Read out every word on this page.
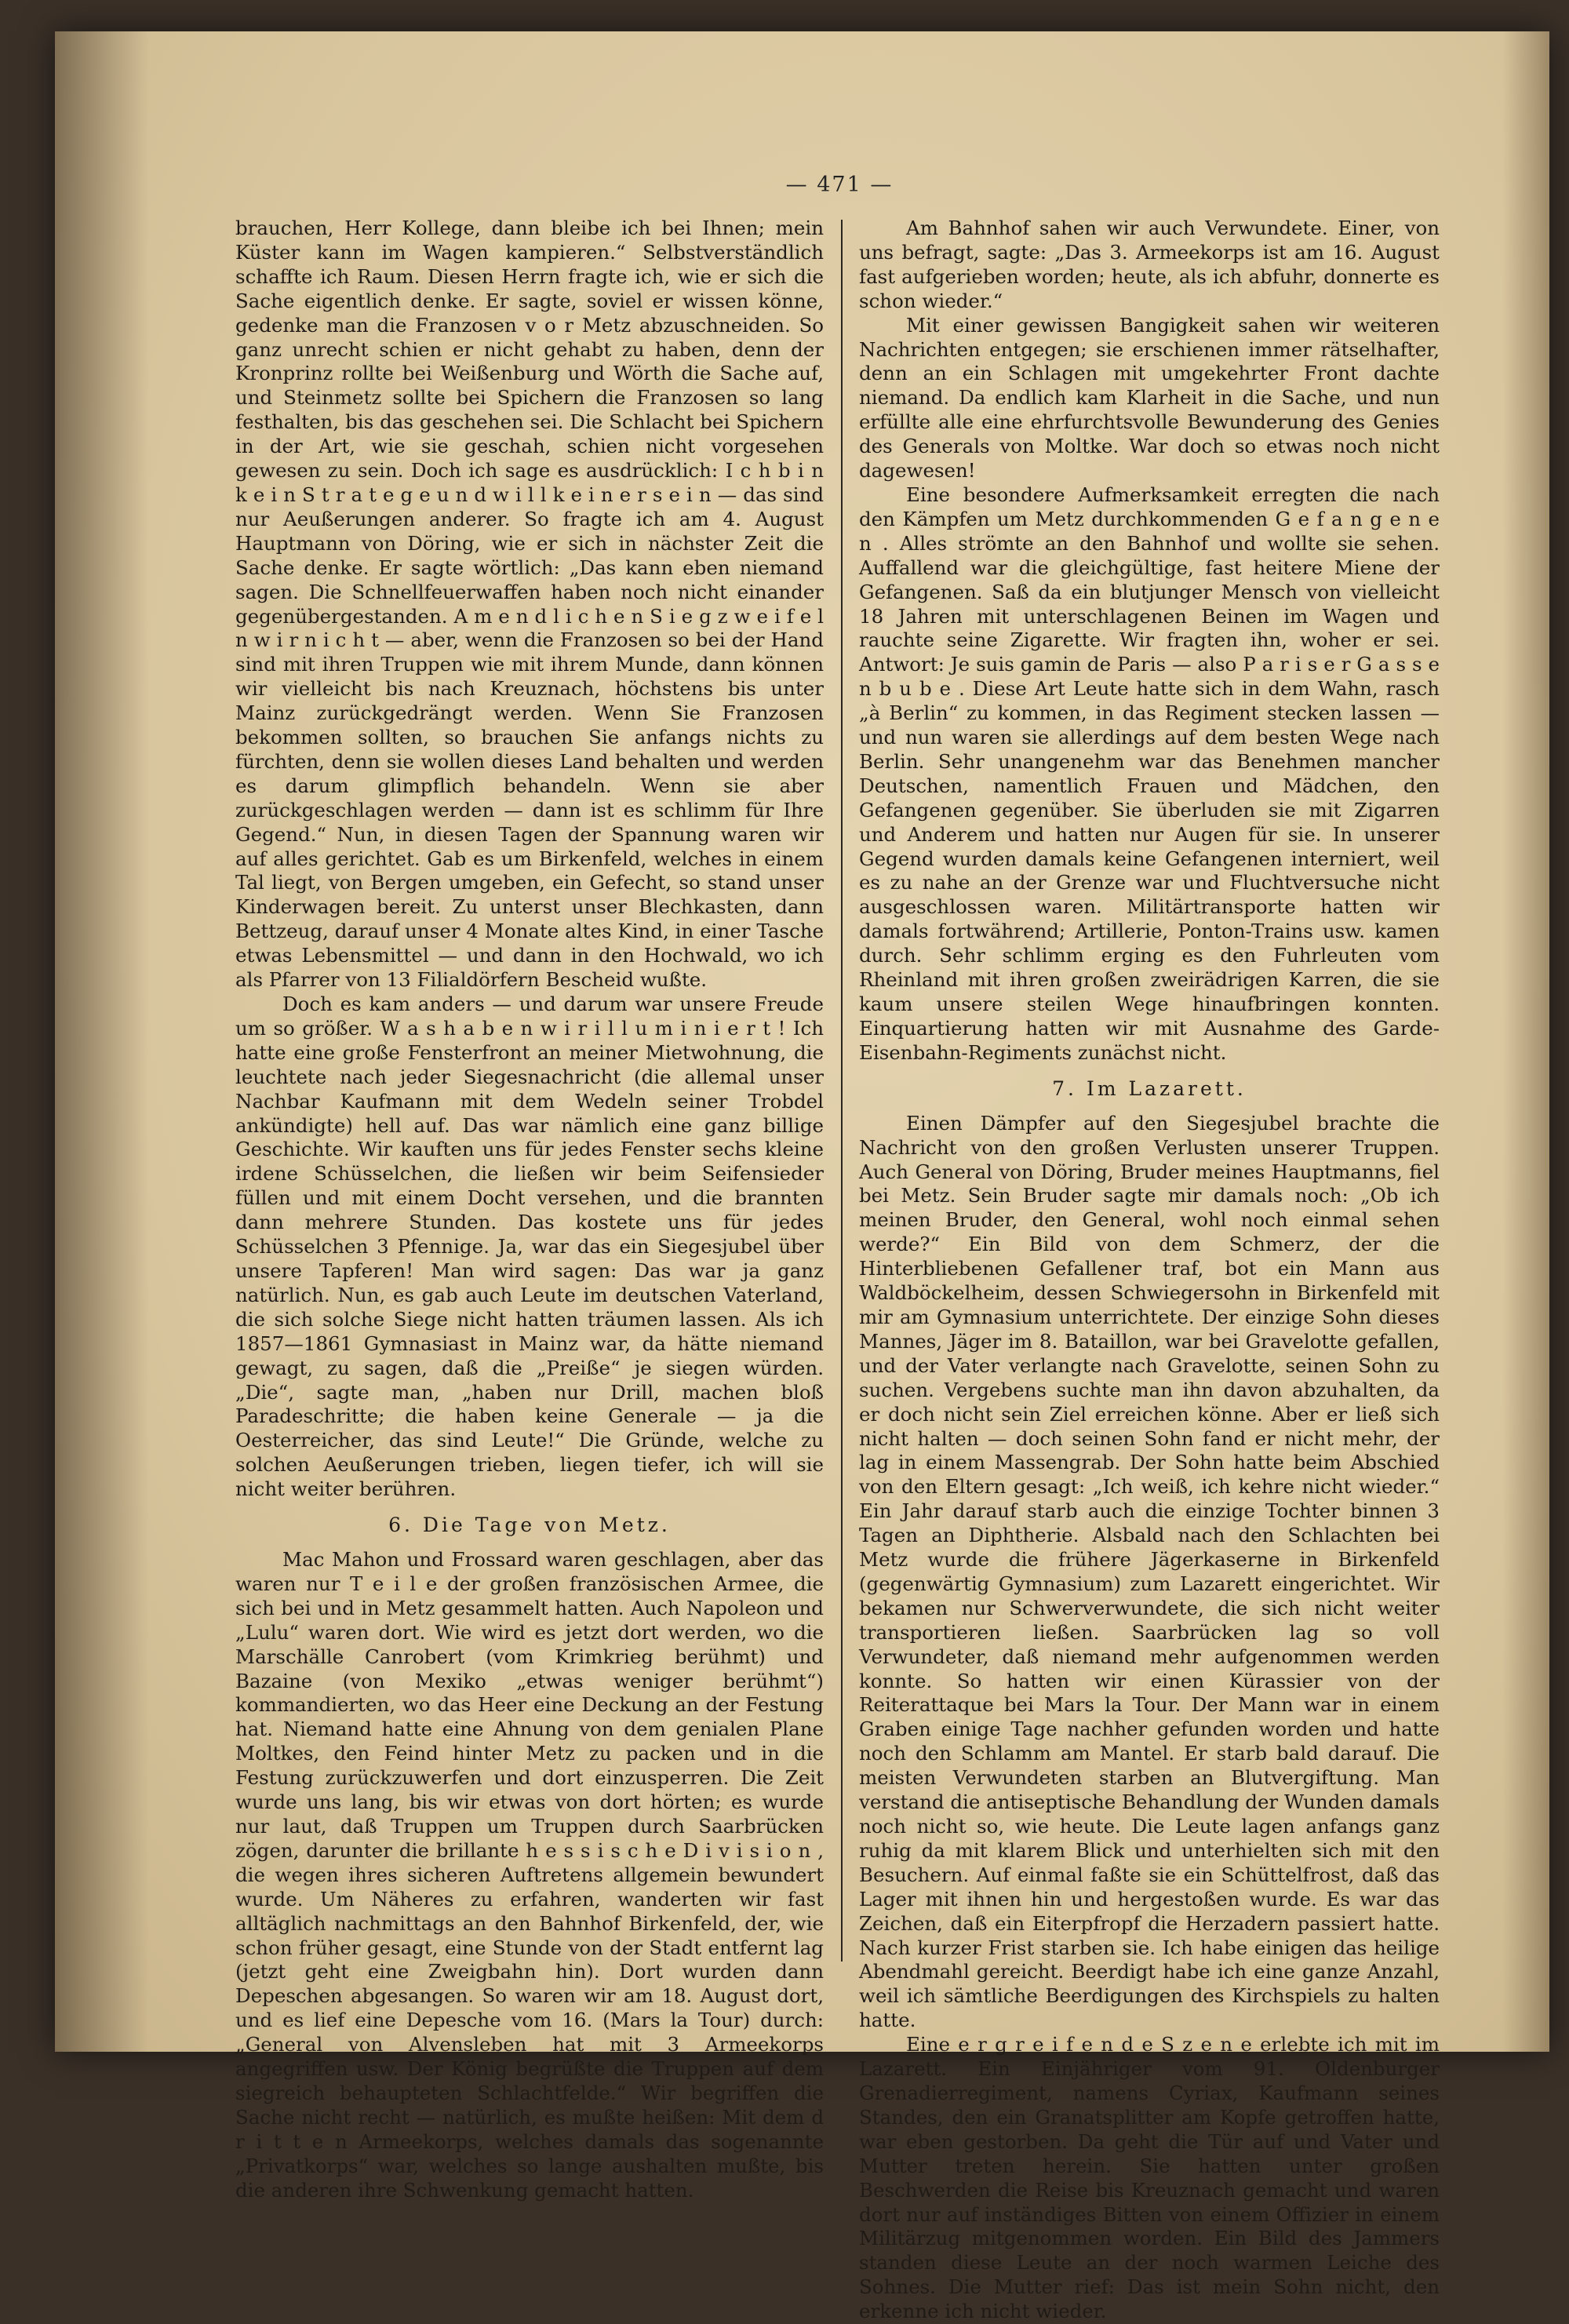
— 471 —

brauchen, Herr Kollege, dann bleibe ich bei Ihnen; mein Küster kann im Wagen kampieren.“ Selbstverständlich schaffte ich Raum. Diesen Herrn fragte ich, wie er sich die Sache eigentlich denke. Er sagte, soviel er wissen könne, gedenke man die Franzosen v o r Metz abzuschneiden. So ganz unrecht schien er nicht gehabt zu haben, denn der Kronprinz rollte bei Weißenburg und Wörth die Sache auf, und Steinmetz sollte bei Spichern die Franzosen so lang festhalten, bis das geschehen sei. Die Schlacht bei Spichern in der Art, wie sie geschah, schien nicht vorgesehen gewesen zu sein. Doch ich sage es ausdrücklich: I c h b i n k e i n S t r a t e g e u n d w i l l k e i n e r s e i n — das sind nur Aeußerungen anderer. So fragte ich am 4. August Hauptmann von Döring, wie er sich in nächster Zeit die Sache denke. Er sagte wörtlich: „Das kann eben niemand sagen. Die Schnellfeuerwaffen haben noch nicht einander gegenübergestanden. A m e n d l i c h e n S i e g z w e i f e l n w i r n i c h t — aber, wenn die Franzosen so bei der Hand sind mit ihren Truppen wie mit ihrem Munde, dann können wir vielleicht bis nach Kreuznach, höchstens bis unter Mainz zurückgedrängt werden. Wenn Sie Franzosen bekommen sollten, so brauchen Sie anfangs nichts zu fürchten, denn sie wollen dieses Land behalten und werden es darum glimpflich behandeln. Wenn sie aber zurückgeschlagen werden — dann ist es schlimm für Ihre Gegend.“ Nun, in diesen Tagen der Spannung waren wir auf alles gerichtet. Gab es um Birkenfeld, welches in einem Tal liegt, von Bergen umgeben, ein Gefecht, so stand unser Kinderwagen bereit. Zu unterst unser Blechkasten, dann Bettzeug, darauf unser 4 Monate altes Kind, in einer Tasche etwas Lebensmittel — und dann in den Hochwald, wo ich als Pfarrer von 13 Filialdörfern Bescheid wußte.

Doch es kam anders — und darum war unsere Freude um so größer. W a s h a b e n w i r i l l u m i n i e r t ! Ich hatte eine große Fensterfront an meiner Mietwohnung, die leuchtete nach jeder Siegesnachricht (die allemal unser Nachbar Kaufmann mit dem Wedeln seiner Trobdel ankündigte) hell auf. Das war nämlich eine ganz billige Geschichte. Wir kauften uns für jedes Fenster sechs kleine irdene Schüsselchen, die ließen wir beim Seifensieder füllen und mit einem Docht versehen, und die brannten dann mehrere Stunden. Das kostete uns für jedes Schüsselchen 3 Pfennige. Ja, war das ein Siegesjubel über unsere Tapferen! Man wird sagen: Das war ja ganz natürlich. Nun, es gab auch Leute im deutschen Vaterland, die sich solche Siege nicht hatten träumen lassen. Als ich 1857—1861 Gymnasiast in Mainz war, da hätte niemand gewagt, zu sagen, daß die „Preiße“ je siegen würden. „Die“, sagte man, „haben nur Drill, machen bloß Paradeschritte; die haben keine Generale — ja die Oesterreicher, das sind Leute!“ Die Gründe, welche zu solchen Aeußerungen trieben, liegen tiefer, ich will sie nicht weiter berühren.

6. Die Tage von Metz.

Mac Mahon und Frossard waren geschlagen, aber das waren nur T e i l e der großen französischen Armee, die sich bei und in Metz gesammelt hatten. Auch Napoleon und „Lulu“ waren dort. Wie wird es jetzt dort werden, wo die Marschälle Canrobert (vom Krimkrieg berühmt) und Bazaine (von Mexiko „etwas weniger berühmt“) kommandierten, wo das Heer eine Deckung an der Festung hat. Niemand hatte eine Ahnung von dem genialen Plane Moltkes, den Feind hinter Metz zu packen und in die Festung zurückzuwerfen und dort einzusperren. Die Zeit wurde uns lang, bis wir etwas von dort hörten; es wurde nur laut, daß Truppen um Truppen durch Saarbrücken zögen, darunter die brillante h e s s i s c h e D i v i s i o n , die wegen ihres sicheren Auftretens allgemein bewundert wurde. Um Näheres zu erfahren, wanderten wir fast alltäglich nachmittags an den Bahnhof Birkenfeld, der, wie schon früher gesagt, eine Stunde von der Stadt entfernt lag (jetzt geht eine Zweigbahn hin). Dort wurden dann Depeschen abgesangen. So waren wir am 18. August dort, und es lief eine Depesche vom 16. (Mars la Tour) durch: „General von Alvensleben hat mit 3 Armeekorps angegriffen usw. Der König begrüßte die Truppen auf dem siegreich behaupteten Schlachtfelde.“ Wir begriffen die Sache nicht recht — natürlich, es mußte heißen: Mit dem d r i t t e n Armeekorps, welches damals das sogenannte „Privatkorps“ war, welches so lange aushalten mußte, bis die anderen ihre Schwenkung gemacht hatten.

Am Bahnhof sahen wir auch Verwundete. Einer, von uns befragt, sagte: „Das 3. Armeekorps ist am 16. August fast aufgerieben worden; heute, als ich abfuhr, donnerte es schon wieder.“

Mit einer gewissen Bangigkeit sahen wir weiteren Nachrichten entgegen; sie erschienen immer rätselhafter, denn an ein Schlagen mit umgekehrter Front dachte niemand. Da endlich kam Klarheit in die Sache, und nun erfüllte alle eine ehrfurchtsvolle Bewunderung des Genies des Generals von Moltke. War doch so etwas noch nicht dagewesen!

Eine besondere Aufmerksamkeit erregten die nach den Kämpfen um Metz durchkommenden G e f a n g e n e n . Alles strömte an den Bahnhof und wollte sie sehen. Auffallend war die gleichgültige, fast heitere Miene der Gefangenen. Saß da ein blutjunger Mensch von vielleicht 18 Jahren mit unterschlagenen Beinen im Wagen und rauchte seine Zigarette. Wir fragten ihn, woher er sei. Antwort: Je suis gamin de Paris — also P a r i s e r G a s s e n b u b e . Diese Art Leute hatte sich in dem Wahn, rasch „à Berlin“ zu kommen, in das Regiment stecken lassen — und nun waren sie allerdings auf dem besten Wege nach Berlin. Sehr unangenehm war das Benehmen mancher Deutschen, namentlich Frauen und Mädchen, den Gefangenen gegenüber. Sie überluden sie mit Zigarren und Anderem und hatten nur Augen für sie. In unserer Gegend wurden damals keine Gefangenen interniert, weil es zu nahe an der Grenze war und Fluchtversuche nicht ausgeschlossen waren. Militärtransporte hatten wir damals fortwährend; Artillerie, Ponton-Trains usw. kamen durch. Sehr schlimm erging es den Fuhrleuten vom Rheinland mit ihren großen zweirädrigen Karren, die sie kaum unsere steilen Wege hinaufbringen konnten. Einquartierung hatten wir mit Ausnahme des Garde-Eisenbahn-Regiments zunächst nicht.

7. Im Lazarett.

Einen Dämpfer auf den Siegesjubel brachte die Nachricht von den großen Verlusten unserer Truppen. Auch General von Döring, Bruder meines Hauptmanns, fiel bei Metz. Sein Bruder sagte mir damals noch: „Ob ich meinen Bruder, den General, wohl noch einmal sehen werde?“ Ein Bild von dem Schmerz, der die Hinterbliebenen Gefallener traf, bot ein Mann aus Waldböckelheim, dessen Schwiegersohn in Birkenfeld mit mir am Gymnasium unterrichtete. Der einzige Sohn dieses Mannes, Jäger im 8. Bataillon, war bei Gravelotte gefallen, und der Vater verlangte nach Gravelotte, seinen Sohn zu suchen. Vergebens suchte man ihn davon abzuhalten, da er doch nicht sein Ziel erreichen könne. Aber er ließ sich nicht halten — doch seinen Sohn fand er nicht mehr, der lag in einem Massengrab. Der Sohn hatte beim Abschied von den Eltern gesagt: „Ich weiß, ich kehre nicht wieder.“ Ein Jahr darauf starb auch die einzige Tochter binnen 3 Tagen an Diphtherie. Alsbald nach den Schlachten bei Metz wurde die frühere Jägerkaserne in Birkenfeld (gegenwärtig Gymnasium) zum Lazarett eingerichtet. Wir bekamen nur Schwerverwundete, die sich nicht weiter transportieren ließen. Saarbrücken lag so voll Verwundeter, daß niemand mehr aufgenommen werden konnte. So hatten wir einen Kürassier von der Reiterattaque bei Mars la Tour. Der Mann war in einem Graben einige Tage nachher gefunden worden und hatte noch den Schlamm am Mantel. Er starb bald darauf. Die meisten Verwundeten starben an Blutvergiftung. Man verstand die antiseptische Behandlung der Wunden damals noch nicht so, wie heute. Die Leute lagen anfangs ganz ruhig da mit klarem Blick und unterhielten sich mit den Besuchern. Auf einmal faßte sie ein Schüttelfrost, daß das Lager mit ihnen hin und hergestoßen wurde. Es war das Zeichen, daß ein Eiterpfropf die Herzadern passiert hatte. Nach kurzer Frist starben sie. Ich habe einigen das heilige Abendmahl gereicht. Beerdigt habe ich eine ganze Anzahl, weil ich sämtliche Beerdigungen des Kirchspiels zu halten hatte.

Eine e r g r e i f e n d e S z e n e erlebte ich mit im Lazarett. Ein Einjähriger vom 91. Oldenburger Grenadierregiment, namens Cyriax, Kaufmann seines Standes, den ein Granatsplitter am Kopfe getroffen hatte, war eben gestorben. Da geht die Tür auf und Vater und Mutter treten herein. Sie hatten unter großen Beschwerden die Reise bis Kreuznach gemacht und waren dort nur auf inständiges Bitten von einem Offizier in einem Militärzug mitgenommen worden. Ein Bild des Jammers standen diese Leute an der noch warmen Leiche des Sohnes. Die Mutter rief: Das ist mein Sohn nicht, den erkenne ich nicht wieder.
